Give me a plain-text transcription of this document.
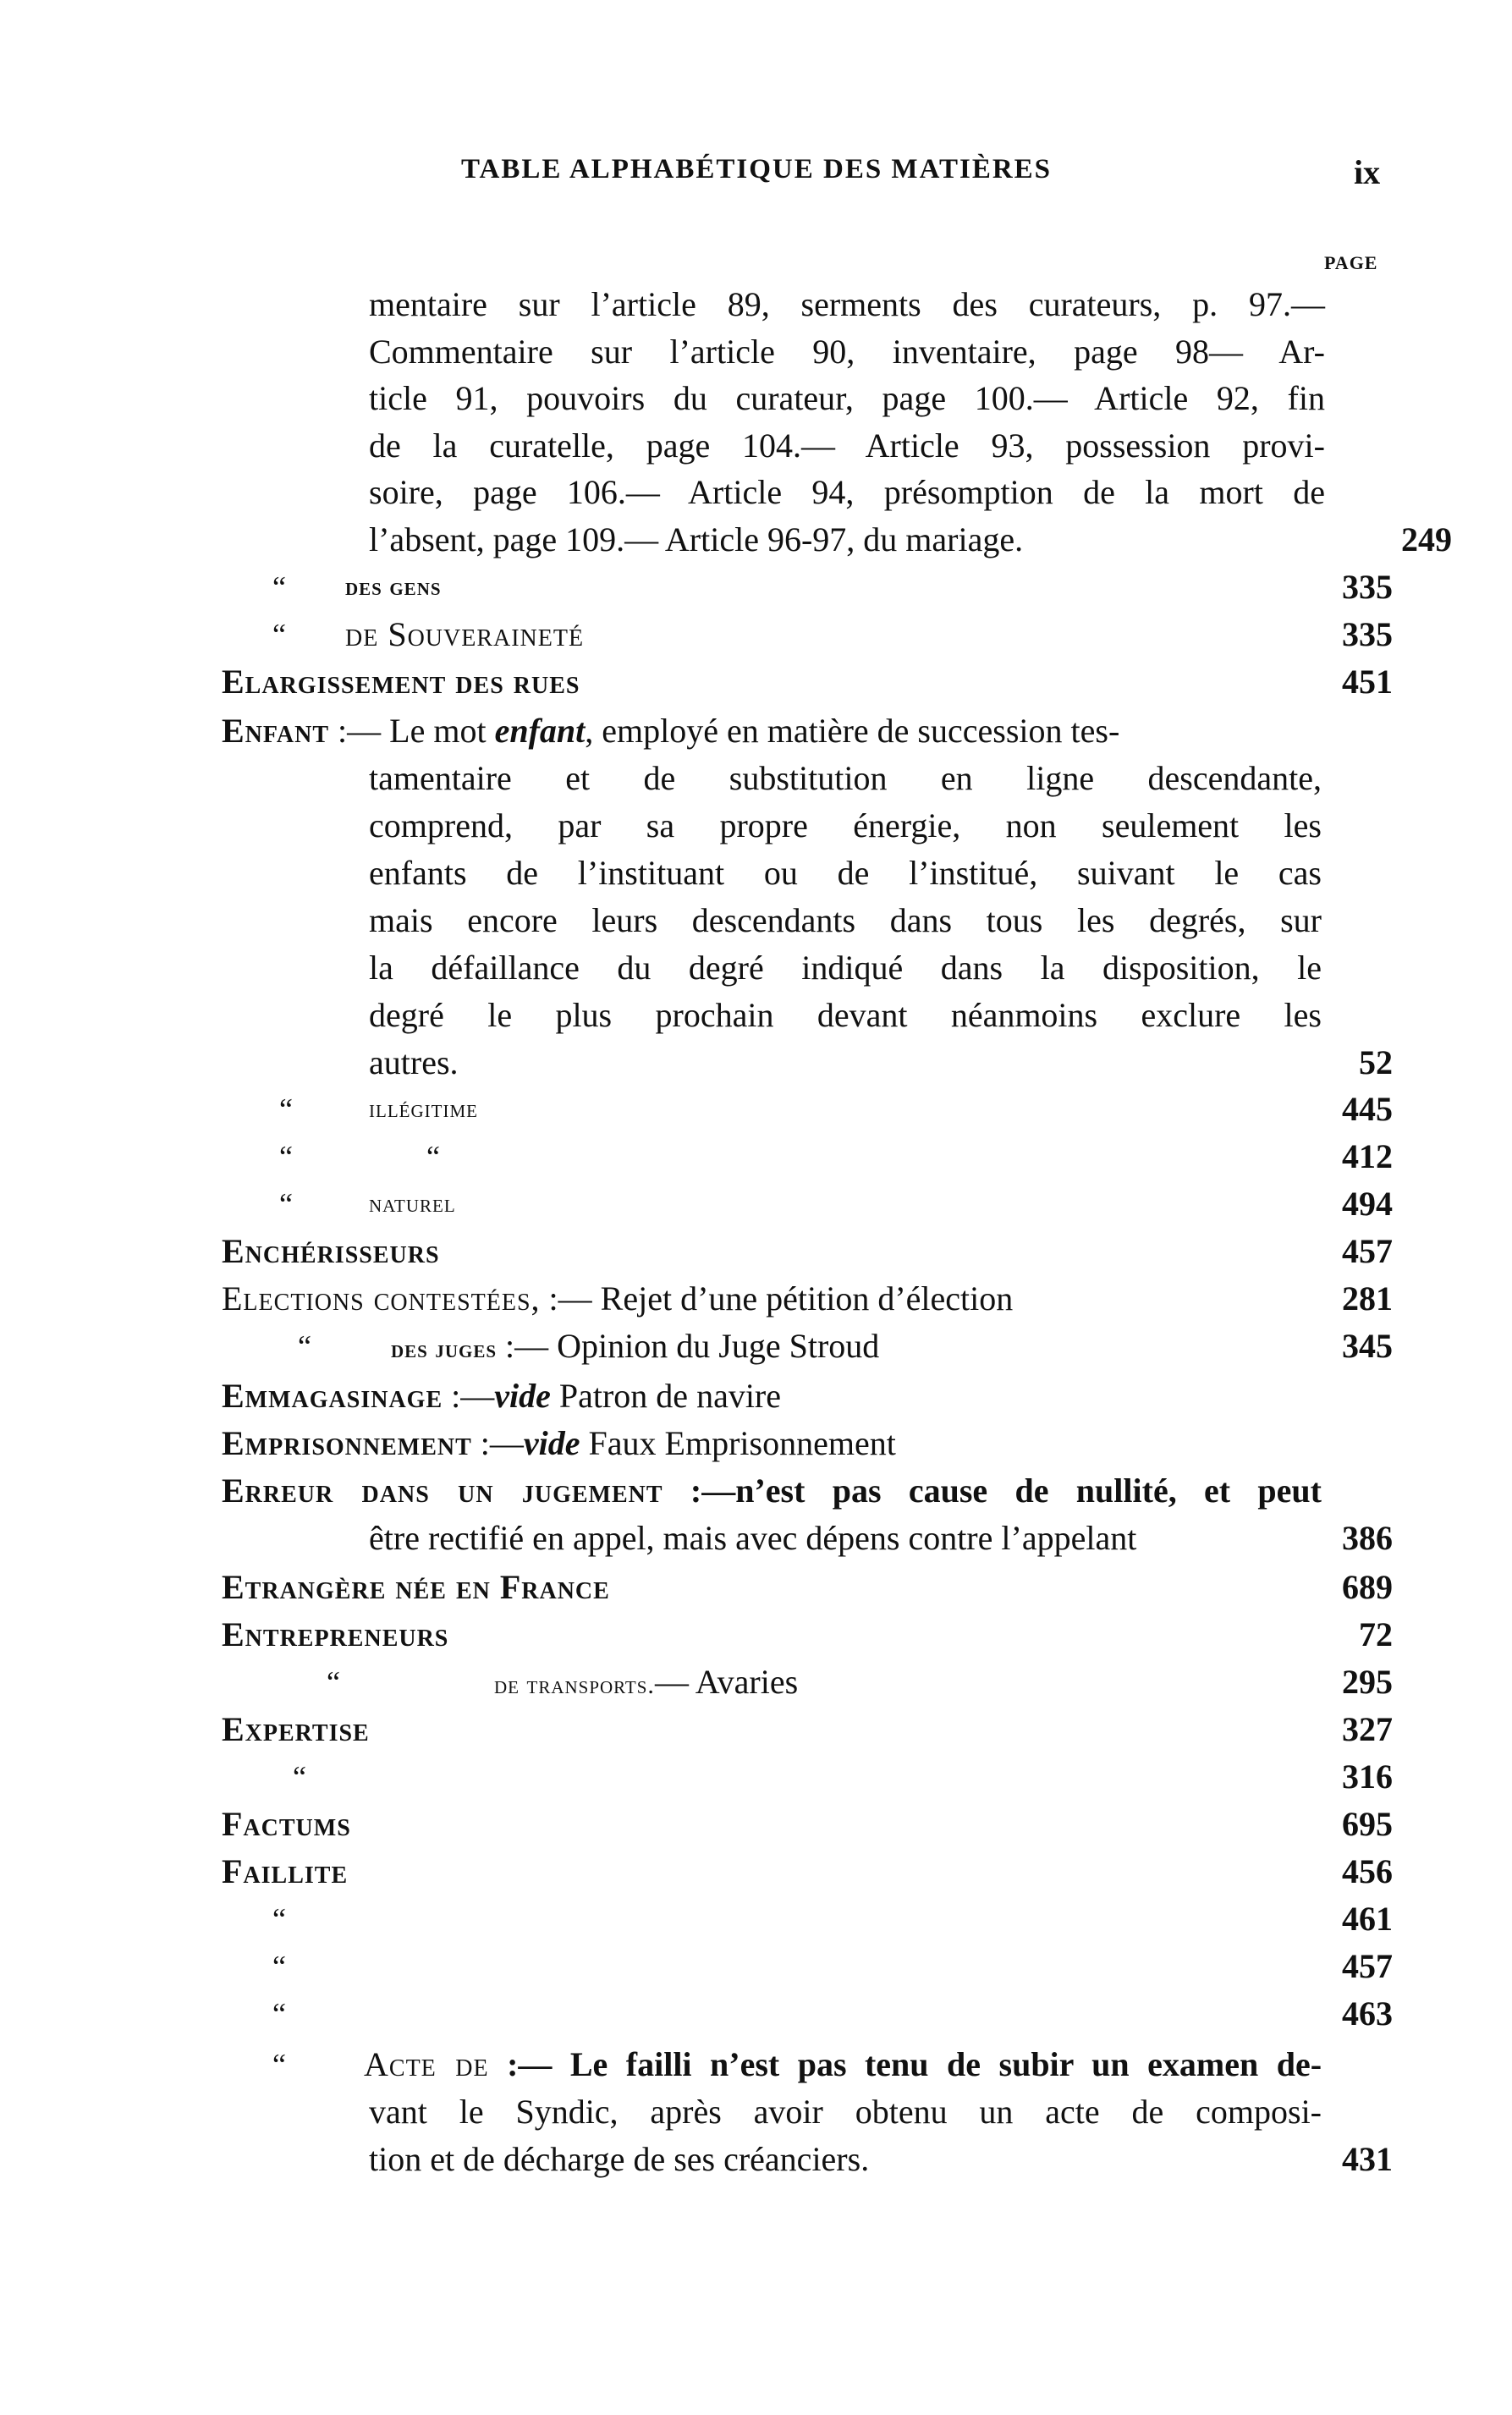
TABLE ALPHABÉTIQUE DES MATIÈRES	ix
PAGE
mentaire sur l’article 89, serments des curateurs, p. 97.—
Commentaire sur l’article 90, inventaire, page 98— Ar-
ticle 91, pouvoirs du curateur, page 100.— Article 92, fin
de la curatelle, page 104.— Article 93, possession provi-
soire, page 106.— Article 94, présomption de la mort de
l’absent, page 109.— Article 96-97, du mariage.	249
“ des gens	335
“ de Souveraineté	335
Elargissement des rues	451
Enfant :— Le mot enfant, employé en matière de succession tes-
tamentaire et de substitution en ligne descendante,
comprend, par sa propre énergie, non seulement les
enfants de l’instituant ou de l’institué, suivant le cas
mais encore leurs descendants dans tous les degrés, sur
la défaillance du degré indiqué dans la disposition, le
degré le plus prochain devant néanmoins exclure les
autres.	52
“	illégitime	445
“	“	412
“	naturel	494
Enchérisseurs	457
Elections contestées, :— Rejet d’une pétition d’élection	281
“	des juges :— Opinion du Juge Stroud	345
Emmagasinage :—vide Patron de navire
Emprisonnement :—vide Faux Emprisonnement
Erreur dans un jugement :—n’est pas cause de nullité, et peut
être rectifié en appel, mais avec dépens contre l’appelant	386
Etrangère née en France	689
Entrepreneurs	72
“	de transports.— Avaries	295
Expertise	327
“	316
Factums	695
Faillite	456
“	461
“	457
“	463
“ Acte de :— Le failli n’est pas tenu de subir un examen de-
vant le Syndic, après avoir obtenu un acte de composi-
tion et de décharge de ses créanciers.	431
